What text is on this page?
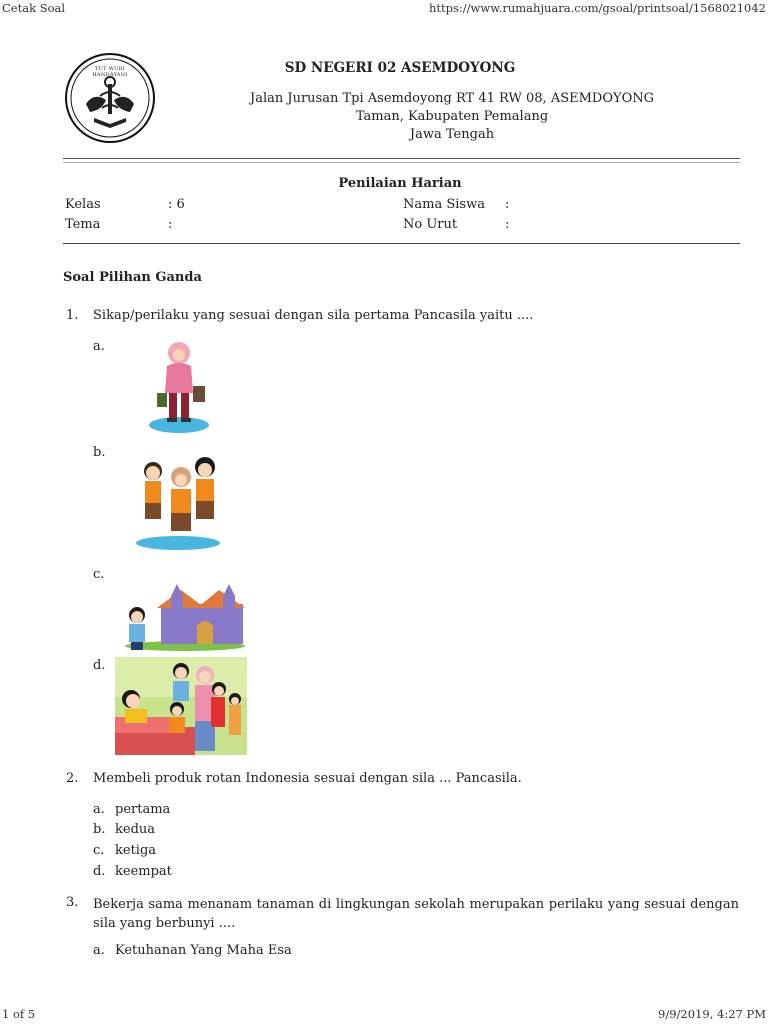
Cetak Soal	https://www.rumahjuara.com/gsoal/printsoal/1568021042
1 of 5	9/9/2019, 4:27 PM
TUT WURI HANDAYANI	SD NEGERI 02 ASEMDOYONG
Jalan Jurusan Tpi Asemdoyong RT 41 RW 08, ASEMDOYONG
Taman, Kabupaten Pemalang
Jawa Tengah
Penilaian Harian
Kelas	: 6
Tema	:
Nama Siswa :
No Urut	:
Soal Pilihan Ganda
1. Sikap/perilaku yang sesuai dengan sila pertama Pancasila yaitu ....
a.
b.
c.
d.
2. Membeli produk rotan Indonesia sesuai dengan sila ... Pancasila.
a. pertama
b. kedua
c. ketiga
d. keempat
3. Bekerja sama menanam tanaman di lingkungan sekolah merupakan perilaku yang sesuai dengan sila yang berbunyi ....
a. Ketuhanan Yang Maha Esa
